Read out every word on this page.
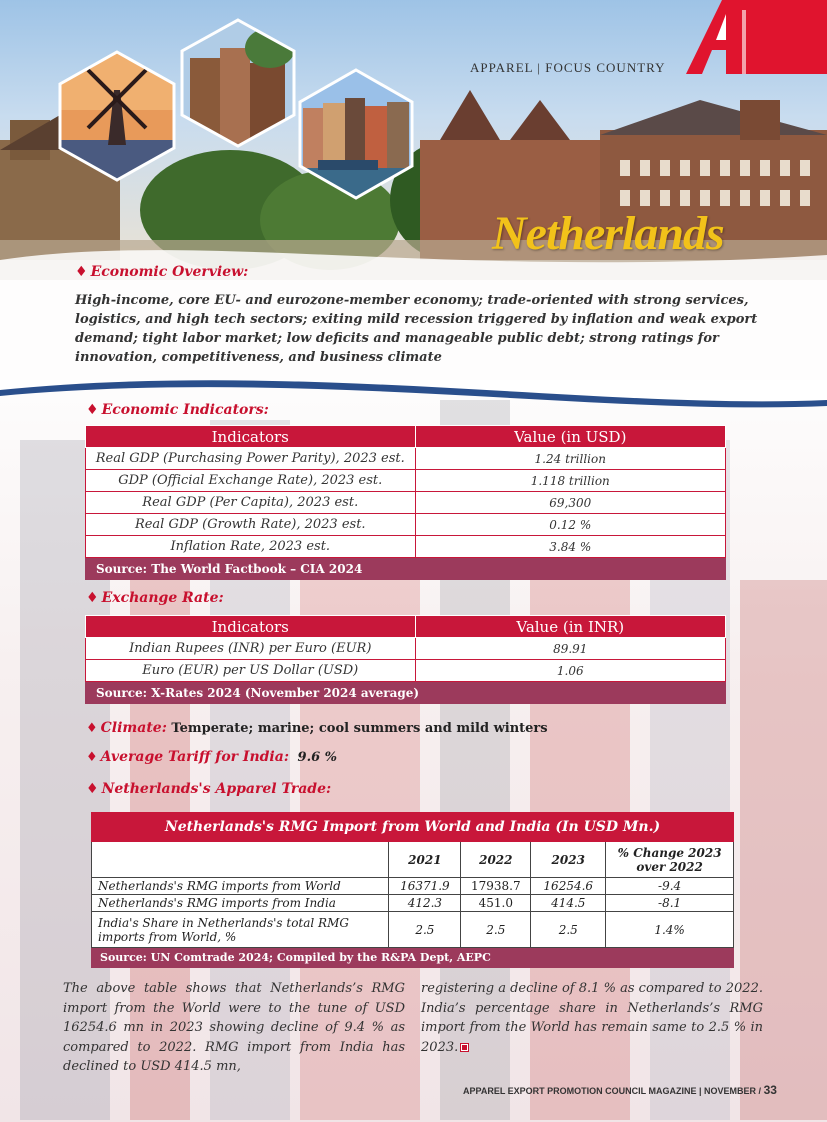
APPAREL | FOCUS COUNTRY
Netherlands
♦ Economic Overview:
High-income, core EU- and eurozone-member economy; trade-oriented with strong services, logistics, and high tech sectors; exiting mild recession triggered by inflation and weak export demand; tight labor market; low deficits and manageable public debt; strong ratings for innovation, competitiveness, and business climate
♦ Economic Indicators:
Indicators	Value (in USD)
Real GDP (Purchasing Power Parity), 2023 est.	1.24 trillion
GDP (Official Exchange Rate), 2023 est.	1.118 trillion
Real GDP (Per Capita), 2023 est.	69,300
Real GDP (Growth Rate), 2023 est.	0.12 %
Inflation Rate, 2023 est.	3.84 %
Source: The World Factbook – CIA 2024	
♦ Exchange Rate:
Indicators	Value (in INR)
Indian Rupees (INR) per Euro (EUR)	89.91
Euro (EUR) per US Dollar (USD)	1.06
Source: X-Rates 2024 (November 2024 average)	
♦ Climate: Temperate; marine; cool summers and mild winters
♦ Average Tariff for India: 9.6 %
♦ Netherlands's Apparel Trade:
Netherlands's RMG Import from World and India (In USD Mn.)				
	2021	2022	2023	% Change 2023 over 2022
Netherlands's RMG imports from World	16371.9	17938.7	16254.6	-9.4
Netherlands's RMG imports from India	412.3	451.0	414.5	-8.1
India's Share in Netherlands's total RMG imports from World, %	2.5	2.5	2.5	1.4%
Source: UN Comtrade 2024; Compiled by the R&PA Dept, AEPC				
The above table shows that Netherlands’s RMG import from the World were to the tune of USD 16254.6 mn in 2023 showing decline of 9.4 % as compared to 2022. RMG import from India has declined to USD 414.5 mn,
registering a decline of 8.1 % as compared to 2022. India’s percentage share in Netherlands’s RMG import from the World has remain same to 2.5 % in 2023.
APPAREL EXPORT PROMOTION COUNCIL MAGAZINE | NOVEMBER / 33
